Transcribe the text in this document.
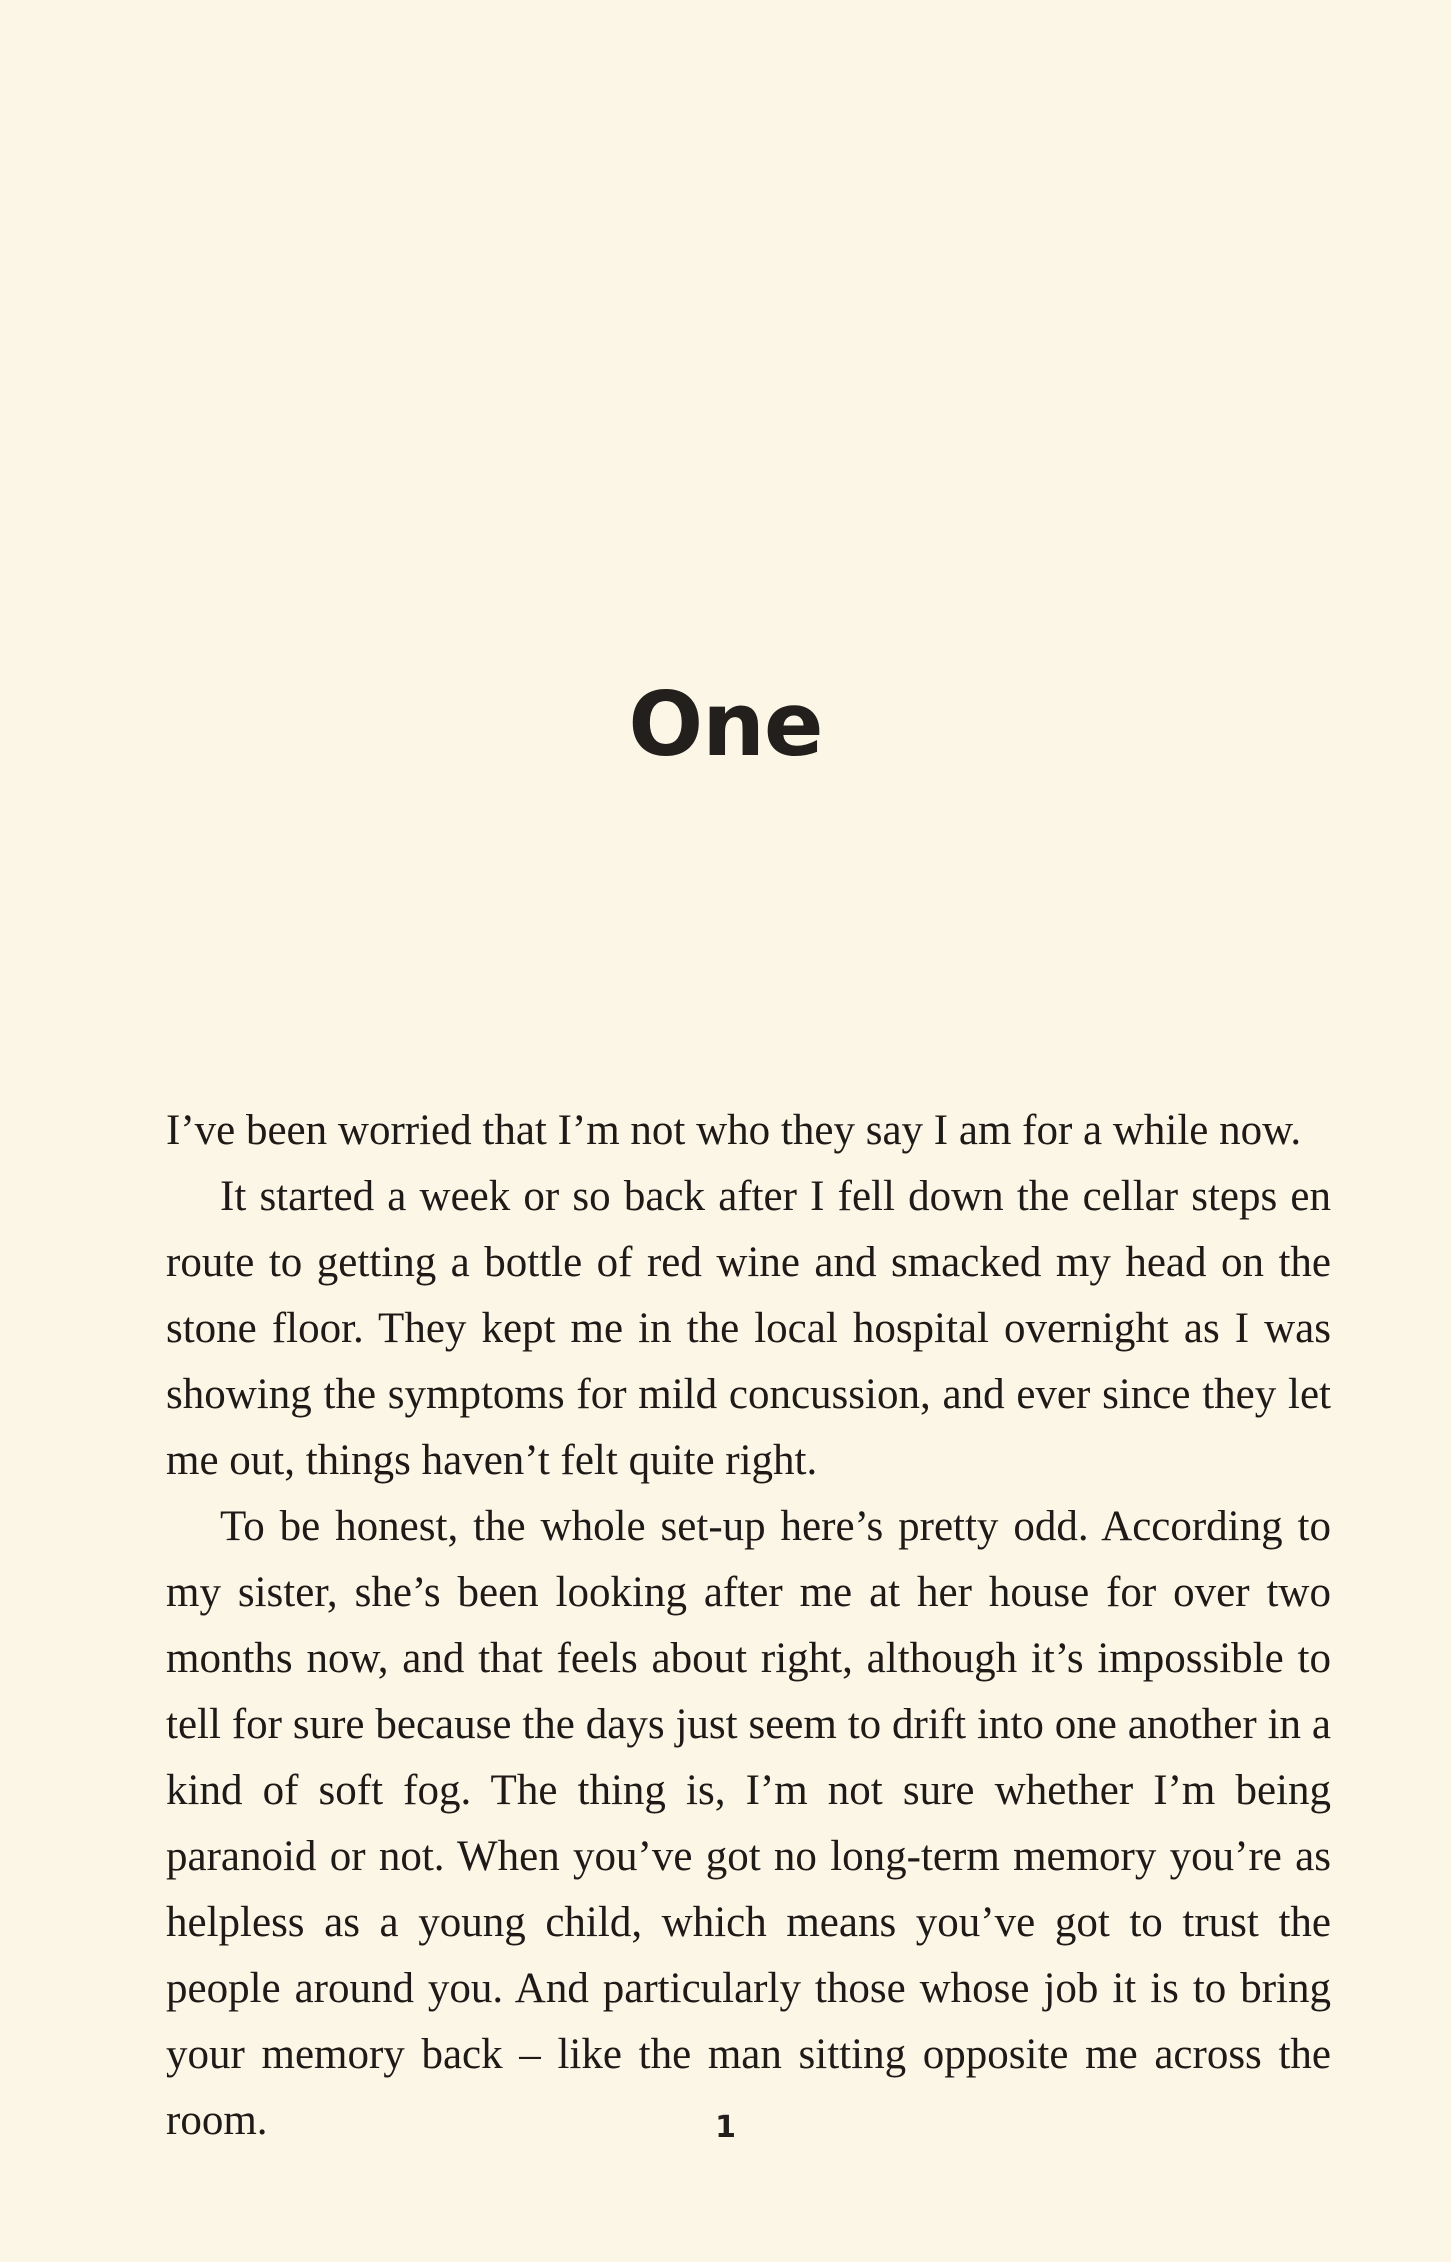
One

I’ve been worried that I’m not who they say I am for a while now.

It started a week or so back after I fell down the cellar steps en route to getting a bottle of red wine and smacked my head on the stone floor. They kept me in the local hospital overnight as I was showing the symptoms for mild concussion, and ever since they let me out, things haven’t felt quite right.

To be honest, the whole set-up here’s pretty odd. According to my sister, she’s been looking after me at her house for over two months now, and that feels about right, although it’s impossible to tell for sure because the days just seem to drift into one another in a kind of soft fog. The thing is, I’m not sure whether I’m being paranoid or not. When you’ve got no long-term memory you’re as helpless as a young child, which means you’ve got to trust the people around you. And particularly those whose job it is to bring your memory back – like the man sitting opposite me across the room.	1
